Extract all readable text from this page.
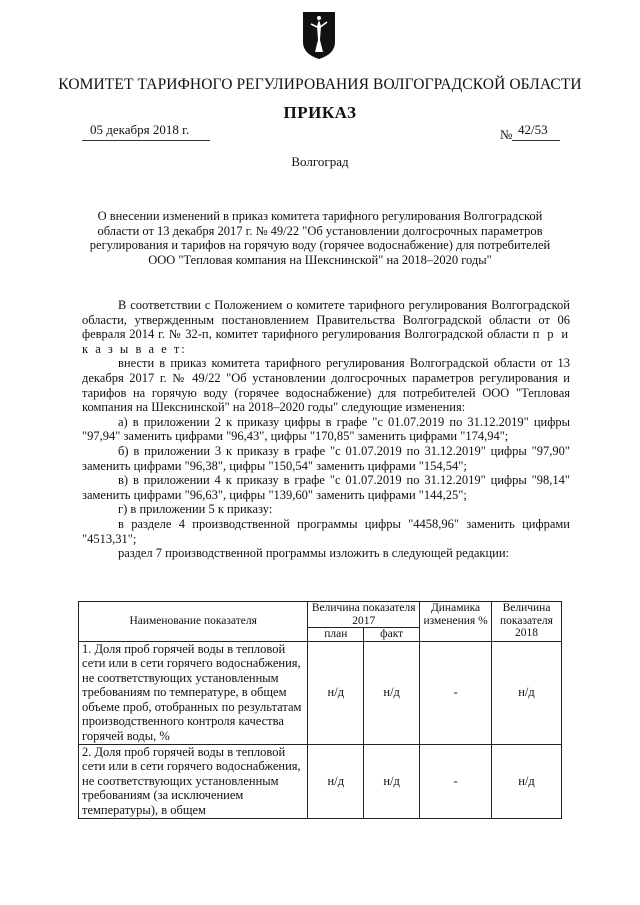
КОМИТЕТ ТАРИФНОГО РЕГУЛИРОВАНИЯ ВОЛГОГРАДСКОЙ ОБЛАСТИ
ПРИКАЗ
05 декабря 2018 г.	№ 42/53
Волгоград
О внесении изменений в приказ комитета тарифного регулирования Волгоградской
области от 13 декабря 2017 г. № 49/22 "Об установлении долгосрочных параметров
регулирования и тарифов на горячую воду (горячее водоснабжение) для потребителей
ООО "Тепловая компания на Шекснинской" на 2018–2020 годы"

В соответствии с Положением о комитете тарифного регулирования Волгоградской области, утвержденным постановлением Правительства Волгоградской области от 06 февраля 2014 г. № 32-п, комитет тарифного регулирования Волгоградской области п р и к а з ы в а е т:

внести в приказ комитета тарифного регулирования Волгоградской области от 13 декабря 2017 г. № 49/22 "Об установлении долгосрочных параметров регулирования и тарифов на горячую воду (горячее водоснабжение) для потребителей ООО "Тепловая компания на Шекснинской" на 2018–2020 годы" следующие изменения:

а) в приложении 2 к приказу цифры в графе "с 01.07.2019 по 31.12.2019" цифры "97,94" заменить цифрами "96,43", цифры "170,85" заменить цифрами "174,94";

б) в приложении 3 к приказу в графе "с 01.07.2019 по 31.12.2019" цифры "97,90" заменить цифрами "96,38", цифры "150,54" заменить цифрами "154,54";

в) в приложении 4 к приказу в графе "с 01.07.2019 по 31.12.2019" цифры "98,14" заменить цифрами "96,63", цифры "139,60" заменить цифрами "144,25";

г) в приложении 5 к приказу:

в разделе 4 производственной программы цифры "4458,96" заменить цифрами "4513,31";

раздел 7 производственной программы изложить в следующей редакции:

Наименование показателя	Величина показателя 2017		Динамика изменения %	Величина показателя 2018
	план	факт		
1. Доля проб горячей воды в тепловой сети или в сети горячего водоснабжения, не соответствующих установленным требованиям по температуре, в общем объеме проб, отобранных по результатам производственного контроля качества горячей воды, %	н/д	н/д	-	н/д
2. Доля проб горячей воды в тепловой сети или в сети горячего водоснабжения, не соответствующих установленным требованиям (за исключением температуры), в общем	н/д	н/д	-	н/д
